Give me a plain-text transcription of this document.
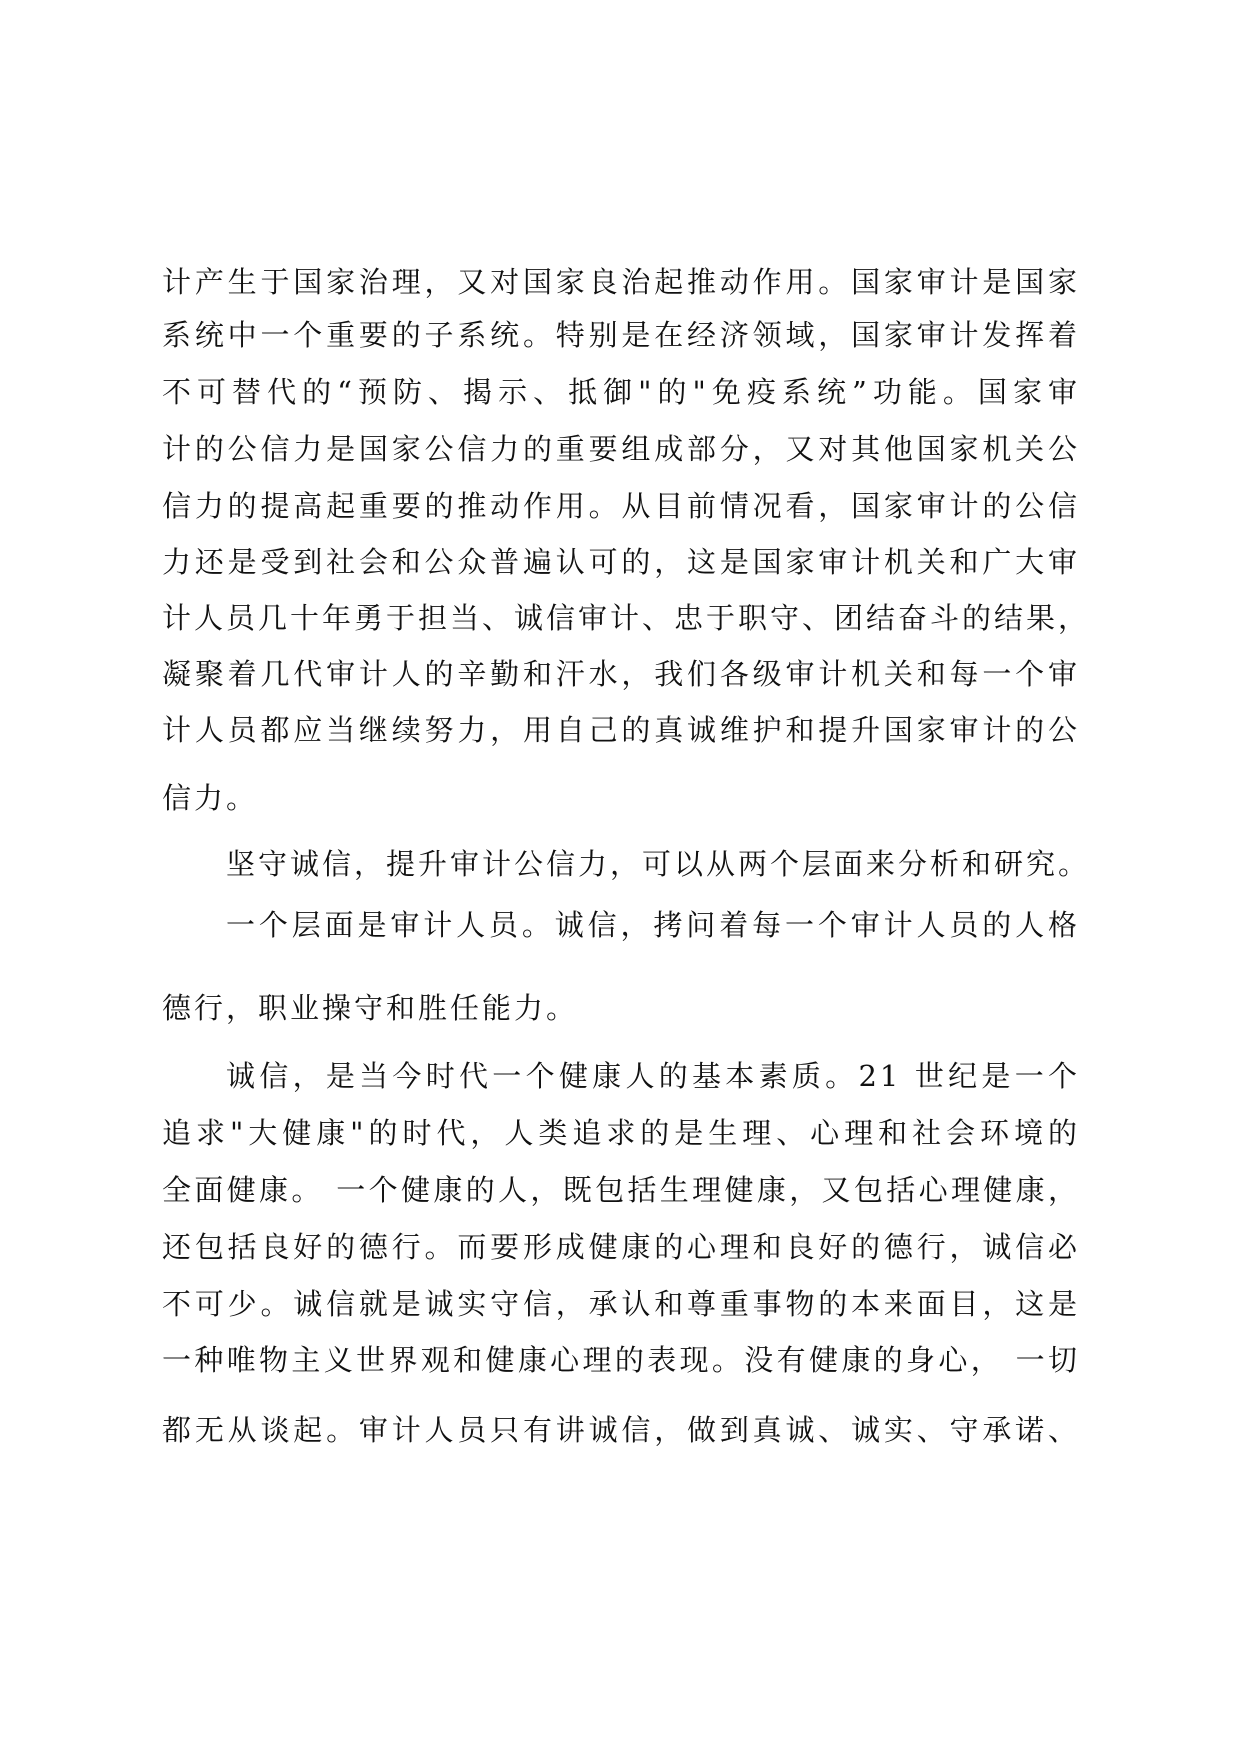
计产生于国家治理，又对国家良治起推动作用。国家审计是国家
系统中一个重要的子系统。特别是在经济领域，国家审计发挥着
不可替代的“预防、揭示、抵御"的"免疫系统”功能。国家审
计的公信力是国家公信力的重要组成部分，又对其他国家机关公
信力的提高起重要的推动作用。从目前情况看，国家审计的公信
力还是受到社会和公众普遍认可的，这是国家审计机关和广大审
计人员几十年勇于担当、诚信审计、忠于职守、团结奋斗的结果，
凝聚着几代审计人的辛勤和汗水，我们各级审计机关和每一个审
计人员都应当继续努力，用自己的真诚维护和提升国家审计的公
信力。
坚守诚信，提升审计公信力，可以从两个层面来分析和研究。
一个层面是审计人员。诚信，拷问着每一个审计人员的人格
德行，职业操守和胜任能力。
诚信，是当今时代一个健康人的基本素质。21 世纪是一个
追求"大健康"的时代，人类追求的是生理、心理和社会环境的
全面健康。 一个健康的人，既包括生理健康，又包括心理健康，
还包括良好的德行。而要形成健康的心理和良好的德行，诚信必
不可少。诚信就是诚实守信，承认和尊重事物的本来面目，这是
一种唯物主义世界观和健康心理的表现。没有健康的身心， 一切
都无从谈起。审计人员只有讲诚信，做到真诚、诚实、守承诺、
